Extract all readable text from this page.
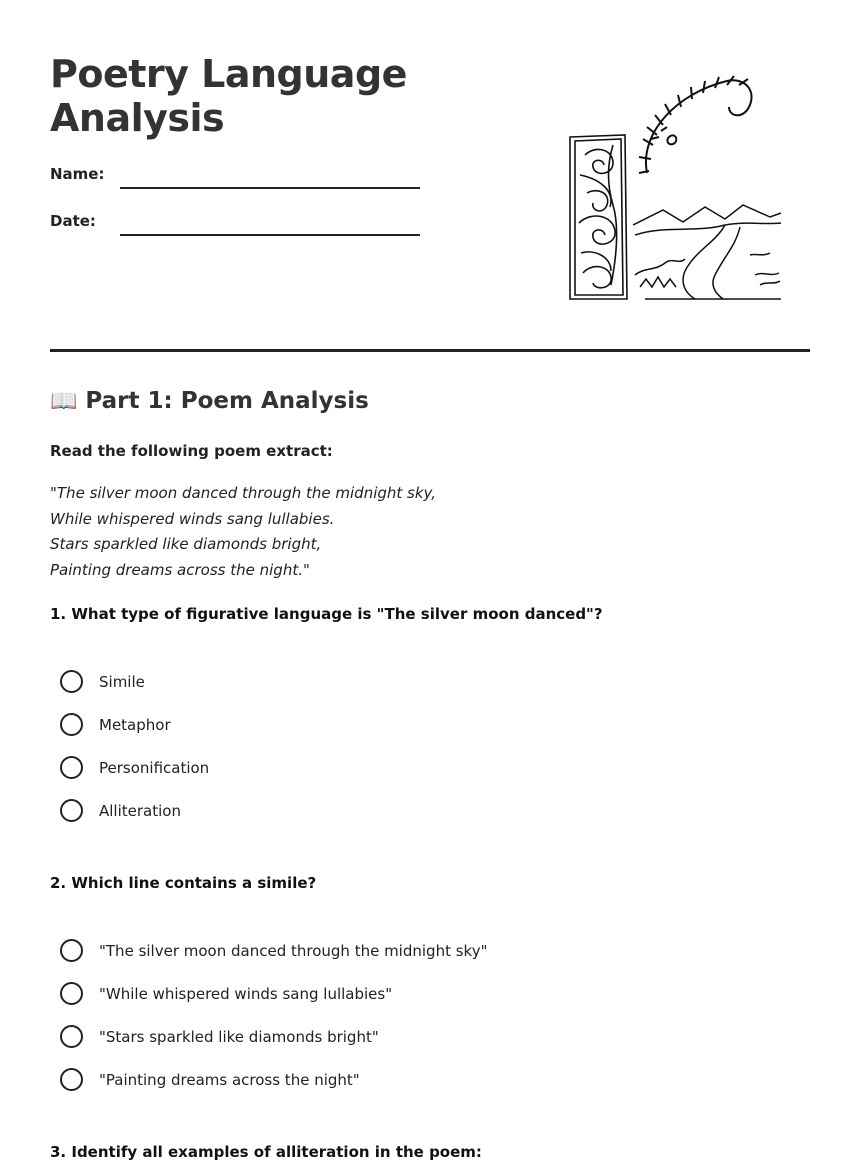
Poetry Language
Analysis
Name:
Date:
📖 Part 1: Poem Analysis
Read the following poem extract:
"The silver moon danced through the midnight sky,
While whispered winds sang lullabies.
Stars sparkled like diamonds bright,
Painting dreams across the night."
1. What type of figurative language is "The silver moon danced"?
Simile
Metaphor
Personification
Alliteration
2. Which line contains a simile?
"The silver moon danced through the midnight sky"
"While whispered winds sang lullabies"
"Stars sparkled like diamonds bright"
"Painting dreams across the night"
3. Identify all examples of alliteration in the poem:
